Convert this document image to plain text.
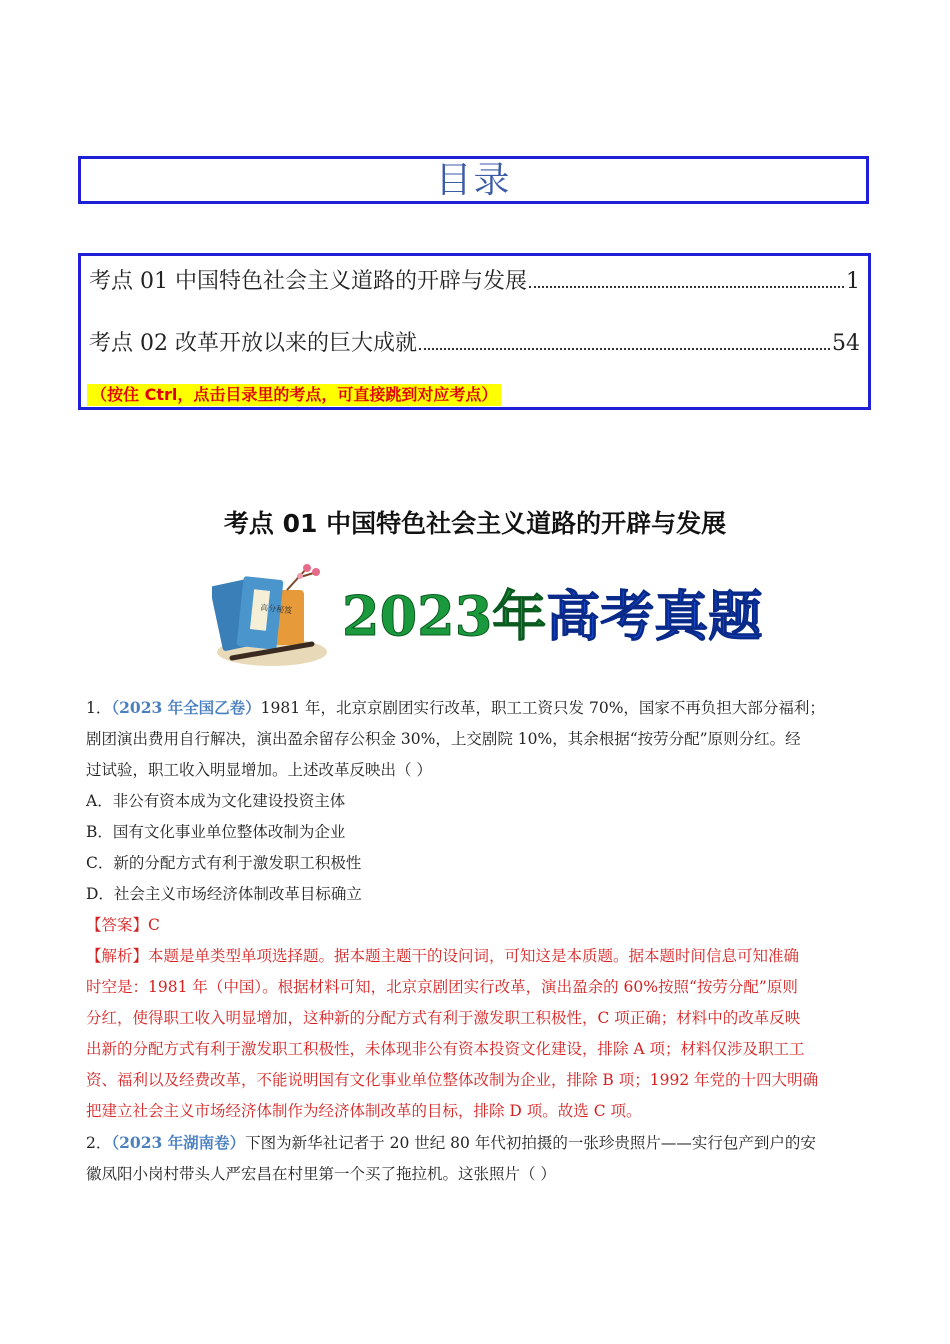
目录
考点 01 中国特色社会主义道路的开辟与发展	1
考点 02 改革开放以来的巨大成就	54
（按住 Ctrl，点击目录里的考点，可直接跳到对应考点）
考点 01 中国特色社会主义道路的开辟与发展
高分秘笈 2023年高考真题

1．（2023 年全国乙卷）1981 年，北京京剧团实行改革，职工工资只发 70%，国家不再负担大部分福利；

剧团演出费用自行解决，演出盈余留存公积金 30%，上交剧院 10%，其余根据“按劳分配”原则分红。经

过试验，职工收入明显增加。上述改革反映出（ ）

A．非公有资本成为文化建设投资主体

B．国有文化事业单位整体改制为企业

C．新的分配方式有利于激发职工积极性

D．社会主义市场经济体制改革目标确立

【答案】C

【解析】本题是单类型单项选择题。据本题主题干的设问词，可知这是本质题。据本题时间信息可知准确

时空是：1981 年（中国）。根据材料可知，北京京剧团实行改革，演出盈余的 60%按照“按劳分配”原则

分红，使得职工收入明显增加，这种新的分配方式有利于激发职工积极性，C 项正确；材料中的改革反映

出新的分配方式有利于激发职工积极性，未体现非公有资本投资文化建设，排除 A 项；材料仅涉及职工工

资、福利以及经费改革，不能说明国有文化事业单位整体改制为企业，排除 B 项；1992 年党的十四大明确

把建立社会主义市场经济体制作为经济体制改革的目标，排除 D 项。故选 C 项。

2．（2023 年湖南卷）下图为新华社记者于 20 世纪 80 年代初拍摄的一张珍贵照片——实行包产到户的安

徽凤阳小岗村带头人严宏昌在村里第一个买了拖拉机。这张照片（ ）
